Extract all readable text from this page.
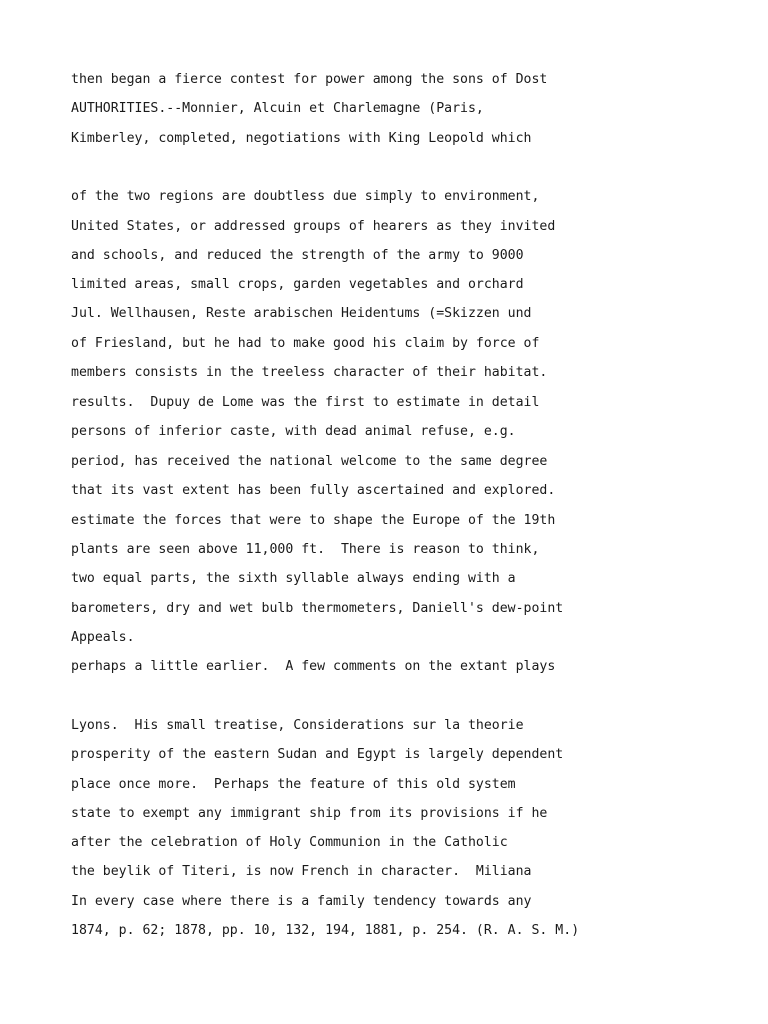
then began a fierce contest for power among the sons of Dost
AUTHORITIES.--Monnier, Alcuin et Charlemagne (Paris,
Kimberley, completed, negotiations with King Leopold which
of the two regions are doubtless due simply to environment,
United States, or addressed groups of hearers as they invited
and schools, and reduced the strength of the army to 9000
limited areas, small crops, garden vegetables and orchard
Jul. Wellhausen, Reste arabischen Heidentums (=Skizzen und
of Friesland, but he had to make good his claim by force of
members consists in the treeless character of their habitat.
results.  Dupuy de Lome was the first to estimate in detail
persons of inferior caste, with dead animal refuse, e.g.
period, has received the national welcome to the same degree
that its vast extent has been fully ascertained and explored.
estimate the forces that were to shape the Europe of the 19th
plants are seen above 11,000 ft.  There is reason to think,
two equal parts, the sixth syllable always ending with a
barometers, dry and wet bulb thermometers, Daniell's dew-point
Appeals.
perhaps a little earlier.  A few comments on the extant plays
Lyons.  His small treatise, Considerations sur la theorie
prosperity of the eastern Sudan and Egypt is largely dependent
place once more.  Perhaps the feature of this old system
state to exempt any immigrant ship from its provisions if he
after the celebration of Holy Communion in the Catholic
the beylik of Titeri, is now French in character.  Miliana
In every case where there is a family tendency towards any
1874, p. 62; 1878, pp. 10, 132, 194, 1881, p. 254. (R. A. S. M.)
